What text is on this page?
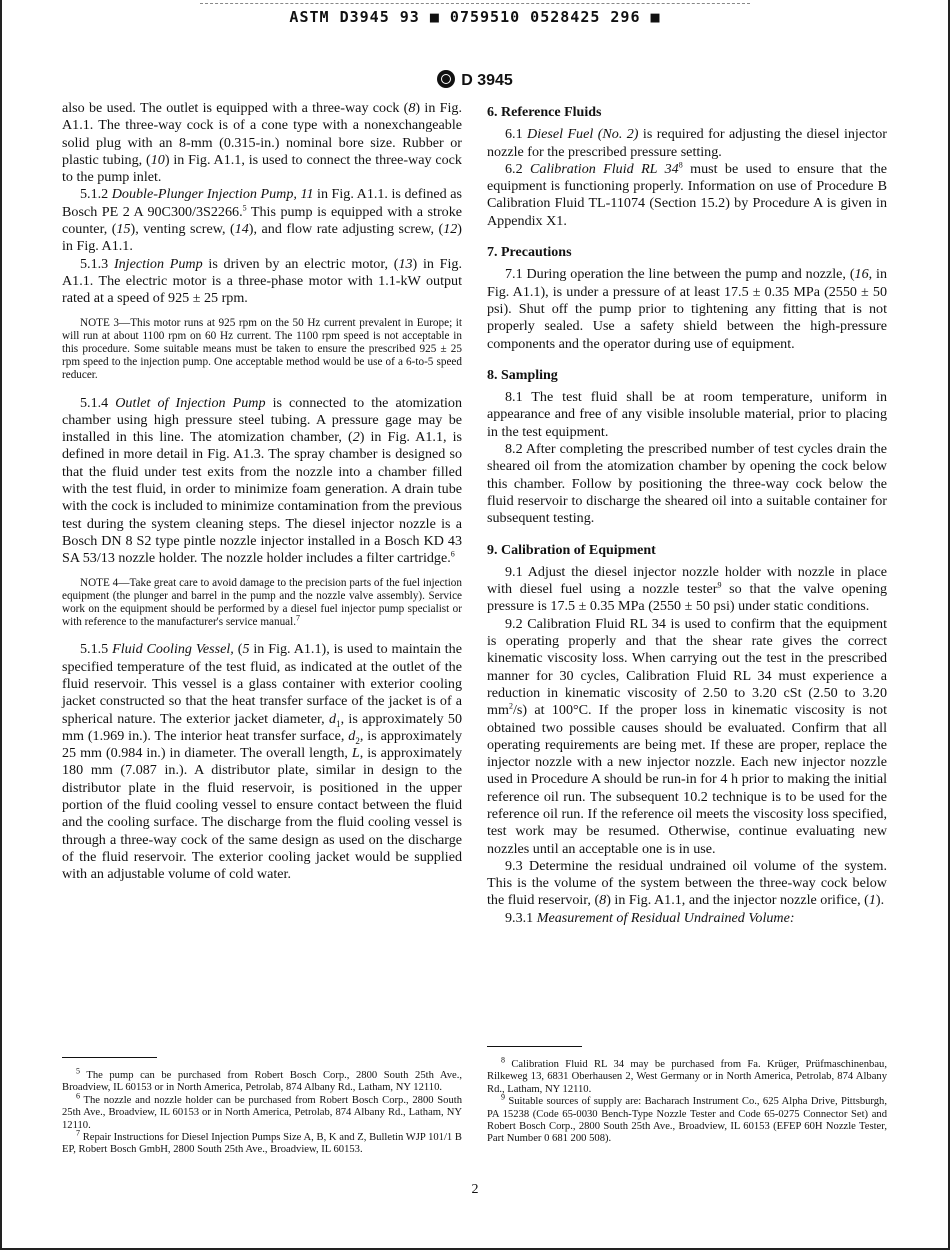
ASTM D3945 93 ■ 0759510 0528425 296 ■
D 3945

also be used. The outlet is equipped with a three-way cock (8) in Fig. A1.1. The three-way cock is of a cone type with a nonexchangeable solid plug with an 8-mm (0.315-in.) nominal bore size. Rubber or plastic tubing, (10) in Fig. A1.1, is used to connect the three-way cock to the pump inlet.

5.1.2 Double-Plunger Injection Pump, 11 in Fig. A1.1. is defined as Bosch PE 2 A 90C300/3S2266.$^5$ This pump is equipped with a stroke counter, (15), venting screw, (14), and flow rate adjusting screw, (12) in Fig. A1.1.

5.1.3 Injection Pump is driven by an electric motor, (13) in Fig. A1.1. The electric motor is a three-phase motor with 1.1-kW output rated at a speed of 925 ± 25 rpm.

NOTE 3—This motor runs at 925 rpm on the 50 Hz current prevalent in Europe; it will run at about 1100 rpm on 60 Hz current. The 1100 rpm speed is not acceptable in this procedure. Some suitable means must be taken to ensure the prescribed 925 ± 25 rpm speed to the injection pump. One acceptable method would be use of a 6-to-5 speed reducer.

5.1.4 Outlet of Injection Pump is connected to the atomization chamber using high pressure steel tubing. A pressure gage may be installed in this line. The atomization chamber, (2) in Fig. A1.1, is defined in more detail in Fig. A1.3. The spray chamber is designed so that the fluid under test exits from the nozzle into a chamber filled with the test fluid, in order to minimize foam generation. A drain tube with the cock is included to minimize contamination from the previous test during the system cleaning steps. The diesel injector nozzle is a Bosch DN 8 S2 type pintle nozzle injector installed in a Bosch KD 43 SA 53/13 nozzle holder. The nozzle holder includes a filter cartridge.$^6$

NOTE 4—Take great care to avoid damage to the precision parts of the fuel injection equipment (the plunger and barrel in the pump and the nozzle valve assembly). Service work on the equipment should be performed by a diesel fuel injector pump specialist or with reference to the manufacturer's service manual.$^7$

5.1.5 Fluid Cooling Vessel, (5 in Fig. A1.1), is used to maintain the specified temperature of the test fluid, as indicated at the outlet of the fluid reservoir. This vessel is a glass container with exterior cooling jacket constructed so that the heat transfer surface of the jacket is of a spherical nature. The exterior jacket diameter, $d_1$, is approximately 50 mm (1.969 in.). The interior heat transfer surface, $d_2$, is approximately 25 mm (0.984 in.) in diameter. The overall length, L, is approximately 180 mm (7.087 in.). A distributor plate, similar in design to the distributor plate in the fluid reservoir, is positioned in the upper portion of the fluid cooling vessel to ensure contact between the fluid and the cooling surface. The discharge from the fluid cooling vessel is through a three-way cock of the same design as used on the discharge of the fluid reservoir. The exterior cooling jacket would be supplied with an adjustable volume of cold water.

6. Reference Fluids

6.1 Diesel Fuel (No. 2) is required for adjusting the diesel injector nozzle for the prescribed pressure setting.

6.2 Calibration Fluid RL $34^8$ must be used to ensure that the equipment is functioning properly. Information on use of Procedure B Calibration Fluid TL-11074 (Section 15.2) by Procedure A is given in Appendix X1.

7. Precautions

7.1 During operation the line between the pump and nozzle, (16, in Fig. A1.1), is under a pressure of at least 17.5 ± 0.35 MPa (2550 ± 50 psi). Shut off the pump prior to tightening any fitting that is not properly sealed. Use a safety shield between the high-pressure components and the operator during use of equipment.

8. Sampling

8.1 The test fluid shall be at room temperature, uniform in appearance and free of any visible insoluble material, prior to placing in the test equipment.

8.2 After completing the prescribed number of test cycles drain the sheared oil from the atomization chamber by opening the cock below this chamber. Follow by positioning the three-way cock below the fluid reservoir to discharge the sheared oil into a suitable container for subsequent testing.

9. Calibration of Equipment

9.1 Adjust the diesel injector nozzle holder with nozzle in place with diesel fuel using a nozzle tester$^9$ so that the valve opening pressure is 17.5 ± 0.35 MPa (2550 ± 50 psi) under static conditions.

9.2 Calibration Fluid RL 34 is used to confirm that the equipment is operating properly and that the shear rate gives the correct kinematic viscosity loss. When carrying out the test in the prescribed manner for 30 cycles, Calibration Fluid RL 34 must experience a reduction in kinematic viscosity of 2.50 to 3.20 cSt (2.50 to 3.20 $mm^2/s$) at 100°C. If the proper loss in kinematic viscosity is not obtained two possible causes should be evaluated. Confirm that all operating requirements are being met. If these are proper, replace the injector nozzle with a new injector nozzle. Each new injector nozzle used in Procedure A should be run-in for 4 h prior to making the initial reference oil run. The subsequent 10.2 technique is to be used for the reference oil run. If the reference oil meets the viscosity loss specified, test work may be resumed. Otherwise, continue evaluating new nozzles until an acceptable one is in use.

9.3 Determine the residual undrained oil volume of the system. This is the volume of the system between the three-way cock below the fluid reservoir, (8) in Fig. A1.1, and the injector nozzle orifice, (1).

9.3.1 Measurement of Residual Undrained Volume:

$^5$ The pump can be purchased from Robert Bosch Corp., 2800 South 25th Ave., Broadview, IL 60153 or in North America, Petrolab, 874 Albany Rd., Latham, NY 12110.

$^6$ The nozzle and nozzle holder can be purchased from Robert Bosch Corp., 2800 South 25th Ave., Broadview, IL 60153 or in North America, Petrolab, 874 Albany Rd., Latham, NY 12110.

$^7$ Repair Instructions for Diesel Injection Pumps Size A, B, K and Z, Bulletin WJP 101/1 B EP, Robert Bosch GmbH, 2800 South 25th Ave., Broadview, IL 60153.

$^8$ Calibration Fluid RL 34 may be purchased from Fa. Krüger, Prüfmaschinenbau, Rilkeweg 13, 6831 Oberhausen 2, West Germany or in North America, Petrolab, 874 Albany Rd., Latham, NY 12110.

$^9$ Suitable sources of supply are: Bacharach Instrument Co., 625 Alpha Drive, Pittsburgh, PA 15238 (Code 65-0030 Bench-Type Nozzle Tester and Code 65-0275 Connector Set) and Robert Bosch Corp., 2800 South 25th Ave., Broadview, IL 60153 (EFEP 60H Nozzle Tester, Part Number 0 681 200 508).

2
